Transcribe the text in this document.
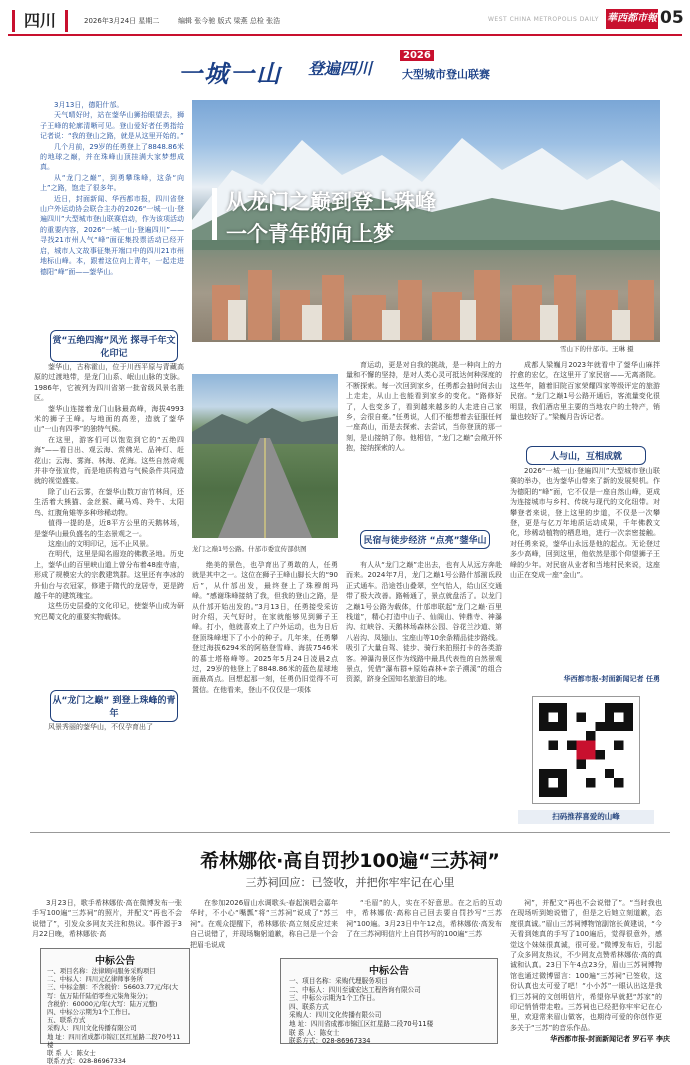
四川	2026年3月24日 星期二	编辑 张今驰 版式 梁燕 总检 张浩	WEST CHINA METROPOLIS DAILY 華西都市報 05
一城一山 登遍四川
2026
大型城市登山联赛
从龙门之巅到登上珠峰
一个青年的向上梦
雪山下的什邡市。王琳 摄

3月13日，德阳什邡。

天气晴好时，站在蓥华山狮抬眼望去，狮子王峰的轮廓清晰可见。登山爱好者任勇指给记者说：“我的登山之路，就是从这里开始的。”

几个月前，29岁的任勇登上了8848.86米的地球之巅，并在珠峰山顶挂满大家梦想成真。

从“龙门之巅”，到勇攀珠峰，这条“向上”之路，饱走了很多年。

近日，封面新闻、华西都市报，四川省登山户外运动协会联合主办的2026“一城一山·登遍四川”大型城市登山联赛启动，作为该项活动的重要内容，2026“一城一山·登遍四川”——寻找21市州人气“峰”面征集投票活动已经开启，城市人文故事征集开端口中的四川21市州地标山峰。本，跟着这位向上青年，一起走进德阳“峰”面——蓥华山。

赏“五绝四海”风光 探寻千年文化印记

蓥华山，古称霍山，位于川西平原与青藏高原的过渡地带，是龙门山系、岷山山脉的支脉。1986年，它被列为四川省第一批省级风景名胜区。

蓥华山连接着龙门山脉最高峰，海拔4993米的狮子王峰。与地面的高差，造就了蓥华山“一山有四季”的独特气候。

在这里，游客们可以饱览到它的“五绝四海”——看日出、观云海、赏佛光、品神灯、赶花山；云海、雾海、林海、花海。这些自然奇观并非夺张宣传，而是地质构造与气候条件共同造就的视觉盛宴。

除了山石云雾，在蓥华山数万亩竹林间，还生活着大熊猫、金丝猴、藏马鸡、羚牛、太阳鸟、红腹角雉等多种珍稀动物。

值得一提的是，近8平方公里的天鹅林场，是蓥华山最负盛名的生态景观之一。

这座山的文明印记，远不止风景。

在明代，这里是闻名遐迩的佛教圣地。历史上，蓥华山的百里峡山道上曾分布着48座寺庙，形成了规模宏大的宗教建筑群。这里还有李冰的升仙台与衣冠冢，修建于隋代的龙居寺，更是跨越千年的建筑瑰宝。

这些历史层叠的文化印记，使蓥华山成为研究巴蜀文化的重要实物载体。

从“龙门之巅” 到登上珠峰的青年
风景秀丽的蓥华山，不仅孕育出了
龙门之巅1号公路。什邡市委宣传部供图
绝美的景色，也孕育出了勇敢的人，任勇就是其中之一。这位在狮子王峰山脚长大的“90后”，从什邡出发，最终登上了珠穆朗玛峰。“感谢珠峰接纳了我，但我的登山之路，是从什邡开始出发的。”3月13日，任勇接受采访时介绍，天气好时，在家就能够见到狮子王峰。打小，他就喜欢上了户外运动，也为日后登顶珠峰埋下了小小的种子。几年来，任勇攀登过海拔6294米的阿格登雪峰、海拔7546米的慕士塔格峰等。2025年5月24日凌晨2点过，29岁的他登上了8848.86米的蓝色星球地面最高点。回想起那一刻，任勇仍旧觉得不可置信。在他看来，登山不仅仅是一项体
育运动，更是对自我的挑战，是一种向上的力量和不懈的坚持，是对人类心灵可抵达何种深度的不断探索。每一次回到家乡，任勇都会抽时间去山上走走，从山上也能看到家乡的变化。“路修好了，人也变多了，看到越来越多的人走进自己家乡，会很自豪。”任勇说，人们不能想着去征服任何一座高山，而是去探索、去尝试，当你登顶的那一刻，是山接纳了你。他相信，“龙门之巅”会敞开怀抱，接纳探索的人。
民宿与徒步经济 “点亮”蓥华山
有人从“龙门之巅”走出去，也有人从远方奔赴而来。2024年7月，龙门之巅1号公路什邡湔氐段正式通车。沿途苍山叠翠，空气怡人，给山区交通带了极大改善。路畅通了，景点就盘活了。以龙门之巅1号公路为载体，什邡串联起“龙门之巅·百里栈道”，精心打造中山子、仙阁山、钟鼎寺、神瀑沟、红峡谷、天鹅林场森林公园、谷花兰沙道、第八岩沟、凤翅山、宝座山等10余条精品徒步路线。吸引了大量自驾、徒步、骑行来拍照打卡的各类游客。神瀑沟景区作为线路中最具代表性的自然景观景点，凭借“瀑布群+原始森林+亲子溯溪”的组合资源，跻身全国知名旅游目的地。
成都人梁巍月2023年就看中了蓥华山麻拌拧愈的宏亿，在这里开了家民宿——无离斋院。这些年，随着旧院百家荣耀四家等级评定的旅游民宿。“龙门之巅1号公路开通后，客流量变化很明显，我们酒店里主要的当地农户的土特产，销量也较好了。”梁巍月告诉记者。
人与山，互相成就
2026“一城一山·登遍四川”大型城市登山联赛的举办，也为蓥华山带来了新的发展契机。作为德阳的“峰”面，它不仅是一座自然山峰，更成为连接城市与乡村、传统与现代的文化纽带。对攀登者来说，登上这里的步道，不仅是一次攀登，更是与亿万年地质运动成果，千年佛教文化，珍稀动植物的栖息地，进行一次亲密接触。对任勇来说，蓥华山永远是他的起点。无论登过多少高峰，回到这里，他依然是那个仰望狮子王峰的少年。对民宿从业者和当地村民来说，这座山正在变成一座“金山”。
华西都市报-封面新闻记者 任勇
扫码推荐喜爱的山峰
希林娜依·高自罚抄100遍“三苏祠”
三苏祠回应：已签收，并把你牢牢记在心里
3月23日，歌手希林娜依·高在微博发布一张手写100遍“三苏祠”的照片，并配文“再也不会说错了”，引发众多网友关注和热议。事件源于3月22日晚，希林娜依·高
在参加2026眉山水调歌头·春起演唱会嘉年华时，不小心“嘴瓢”将“三苏祠”说成了“苏三祠”。在观众提醒下，希林娜依·高立刻反应过来自己说错了，并现场鞠躬道歉，称自己是一个会把眉毛说成
“毛眉”的人，实在不好意思。在之后的互动中，希林娜依·高称自己回去要自罚抄写“三苏祠”100遍。3月23日中午12点，希林娜依·高发布了在三苏祠明信片上自罚抄写的100遍“三苏
祠”，并配文“再也不会说错了”。“当时我也在现场听到她说错了，但是之后她立刻道歉，态度很真诚。”眉山三苏祠博物馆副馆长黄建说，“今天看到她真的手写了100遍后，觉得很意外，感觉这个妹妹很真诚，很可爱。”微博发布后，引起了众多网友热议，不少网友点赞希林娜依·高的真诚和认真。23日下午4点23分，眉山三苏祠博物馆也通过微博留言：100遍“三苏祠”已签收，这份认真也太可爱了吧！“小小苏”一眼认出这是我们三苏祠的文创明信片，希望你早就把“苏家”的印记悄悄带走啦。三苏祠也已经把你牢牢记在心里，欢迎常来眉山做客，也期待可爱的你创作更多关于“三苏”的音乐作品。
华西都市报-封面新闻记者 罗石平 李庆
中标公告
一、项目名称：法律顾问服务采购项目
二、中标人：四川元亿律师事务所
三、中标金额：不含税价：56603.77元/年(大写：伍万陆仟陆佰零叁元柒角柒分)；
含税价：60000元/年(大写：陆万元整)
四、中标公示期为1个工作日。
五、联系方式
采购人：四川文化传播有限公司
地 址：四川省成都市锦江区红星路二段70号11楼
联 系 人：陈女士
联系方式：028-86967334
中标公告
一、项目名称：采购代理服务项目
二、中标人：四川至诚宏达工程咨询有限公司
三、中标公示期为1个工作日。
四、联系方式
采购人：四川文化传播有限公司
地 址：四川省成都市锦江区红星路二段70号11楼
联 系 人：陈女士
联系方式：028-86967334
